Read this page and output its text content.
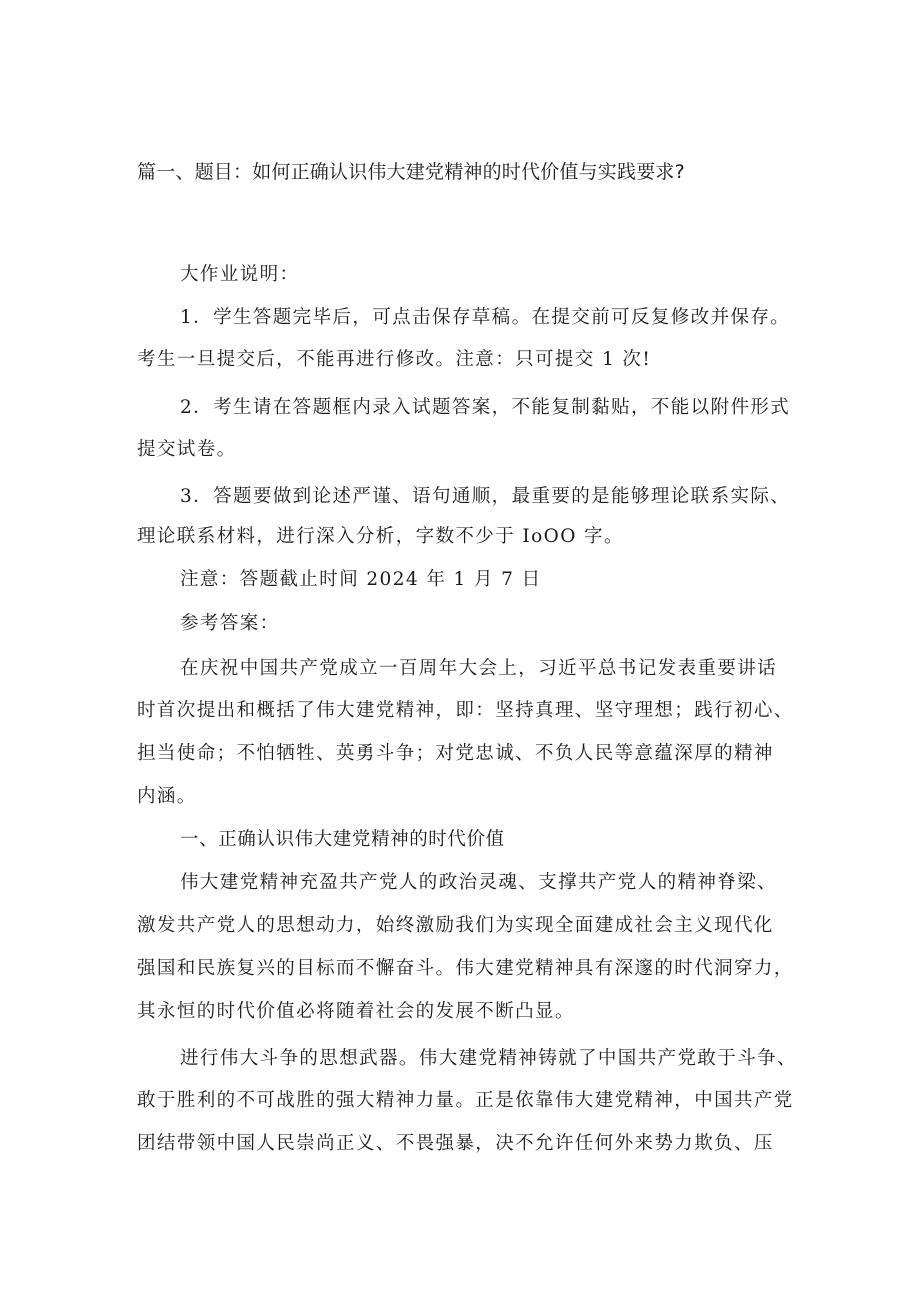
篇一、题目：如何正确认识伟大建党精神的时代价值与实践要求?
大作业说明：
1．学生答题完毕后，可点击保存草稿。在提交前可反复修改并保存。
考生一旦提交后，不能再进行修改。注意：只可提交 1 次!
2．考生请在答题框内录入试题答案，不能复制黏贴，不能以附件形式
提交试卷。
3．答题要做到论述严谨、语句通顺，最重要的是能够理论联系实际、
理论联系材料，进行深入分析，字数不少于 IoOO 字。
注意：答题截止时间 2024 年 1 月 7 日
参考答案：
在庆祝中国共产党成立一百周年大会上，习近平总书记发表重要讲话
时首次提出和概括了伟大建党精神，即：坚持真理、坚守理想；践行初心、
担当使命；不怕牺牲、英勇斗争；对党忠诚、不负人民等意蕴深厚的精神
内涵。
一、正确认识伟大建党精神的时代价值
伟大建党精神充盈共产党人的政治灵魂、支撑共产党人的精神脊梁、
激发共产党人的思想动力，始终激励我们为实现全面建成社会主义现代化
强国和民族复兴的目标而不懈奋斗。伟大建党精神具有深邃的时代洞穿力，
其永恒的时代价值必将随着社会的发展不断凸显。
进行伟大斗争的思想武器。伟大建党精神铸就了中国共产党敢于斗争、
敢于胜利的不可战胜的强大精神力量。正是依靠伟大建党精神，中国共产党
团结带领中国人民崇尚正义、不畏强暴，决不允许任何外来势力欺负、压
